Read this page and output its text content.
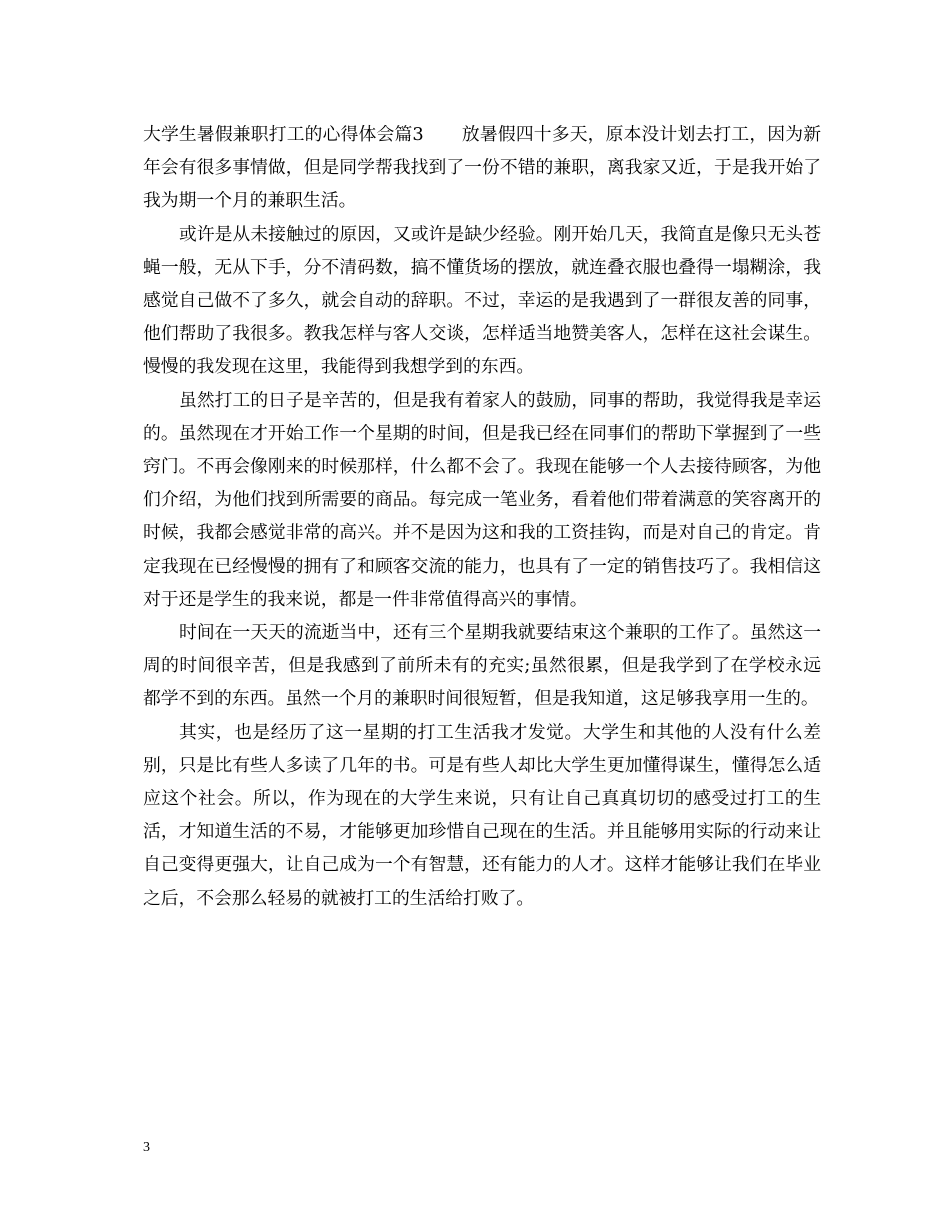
大学生暑假兼职打工的心得体会篇3 放暑假四十多天，原本没计划去打工，因为新年会有很多事情做，但是同学帮我找到了一份不错的兼职，离我家又近，于是我开始了我为期一个月的兼职生活。

或许是从未接触过的原因，又或许是缺少经验。刚开始几天，我简直是像只无头苍蝇一般，无从下手，分不清码数，搞不懂货场的摆放，就连叠衣服也叠得一塌糊涂，我感觉自己做不了多久，就会自动的辞职。不过，幸运的是我遇到了一群很友善的同事，他们帮助了我很多。教我怎样与客人交谈，怎样适当地赞美客人，怎样在这社会谋生。慢慢的我发现在这里，我能得到我想学到的东西。

虽然打工的日子是辛苦的，但是我有着家人的鼓励，同事的帮助，我觉得我是幸运的。虽然现在才开始工作一个星期的时间，但是我已经在同事们的帮助下掌握到了一些窍门。不再会像刚来的时候那样，什么都不会了。我现在能够一个人去接待顾客，为他们介绍，为他们找到所需要的商品。每完成一笔业务，看着他们带着满意的笑容离开的时候，我都会感觉非常的高兴。并不是因为这和我的工资挂钩，而是对自己的肯定。肯定我现在已经慢慢的拥有了和顾客交流的能力，也具有了一定的销售技巧了。我相信这对于还是学生的我来说，都是一件非常值得高兴的事情。

时间在一天天的流逝当中，还有三个星期我就要结束这个兼职的工作了。虽然这一周的时间很辛苦，但是我感到了前所未有的充实;虽然很累，但是我学到了在学校永远都学不到的东西。虽然一个月的兼职时间很短暂，但是我知道，这足够我享用一生的。

其实，也是经历了这一星期的打工生活我才发觉。大学生和其他的人没有什么差别，只是比有些人多读了几年的书。可是有些人却比大学生更加懂得谋生，懂得怎么适应这个社会。所以，作为现在的大学生来说，只有让自己真真切切的感受过打工的生活，才知道生活的不易，才能够更加珍惜自己现在的生活。并且能够用实际的行动来让自己变得更强大，让自己成为一个有智慧，还有能力的人才。这样才能够让我们在毕业之后，不会那么轻易的就被打工的生活给打败了。

3
